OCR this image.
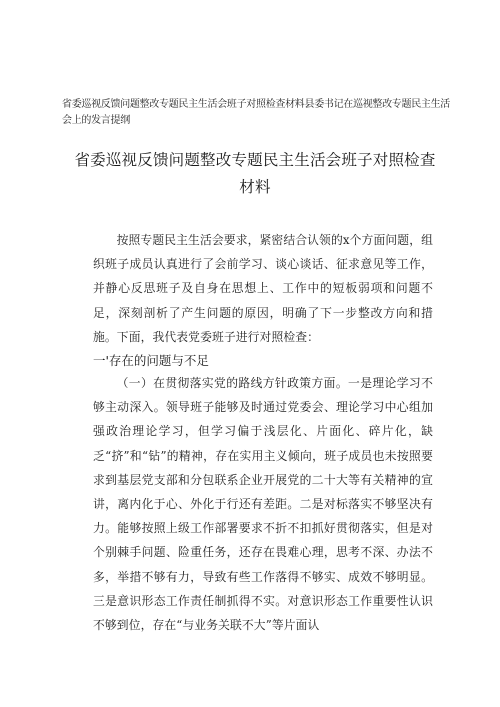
省委巡视反馈问题整改专题民主生活会班子对照检查材料县委书记在巡视整改专题民主生活会上的发言提纲
省委巡视反馈问题整改专题民主生活会班子对照检查材料

按照专题民主生活会要求，紧密结合认领的x个方面问题，组织班子成员认真进行了会前学习、谈心谈话、征求意见等工作，并静心反思班子及自身在思想上、工作中的短板弱项和问题不足，深刻剖析了产生问题的原因，明确了下一步整改方向和措施。下面，我代表党委班子进行对照检查：

一'存在的问题与不足

（一）在贯彻落实党的路线方针政策方面。一是理论学习不够主动深入。领导班子能够及时通过党委会、理论学习中心组加强政治理论学习，但学习偏于浅层化、片面化、碎片化，缺乏“挤”和“钻”的精神，存在实用主义倾向，班子成员也未按照要求到基层党支部和分包联系企业开展党的二十大等有关精神的宣讲，离内化于心、外化于行还有差距。二是对标落实不够坚决有力。能够按照上级工作部署要求不折不扣抓好贯彻落实，但是对个别棘手问题、险重任务，还存在畏难心理，思考不深、办法不多，举措不够有力，导致有些工作落得不够实、成效不够明显。三是意识形态工作责任制抓得不实。对意识形态工作重要性认识不够到位，存在“与业务关联不大”等片面认
